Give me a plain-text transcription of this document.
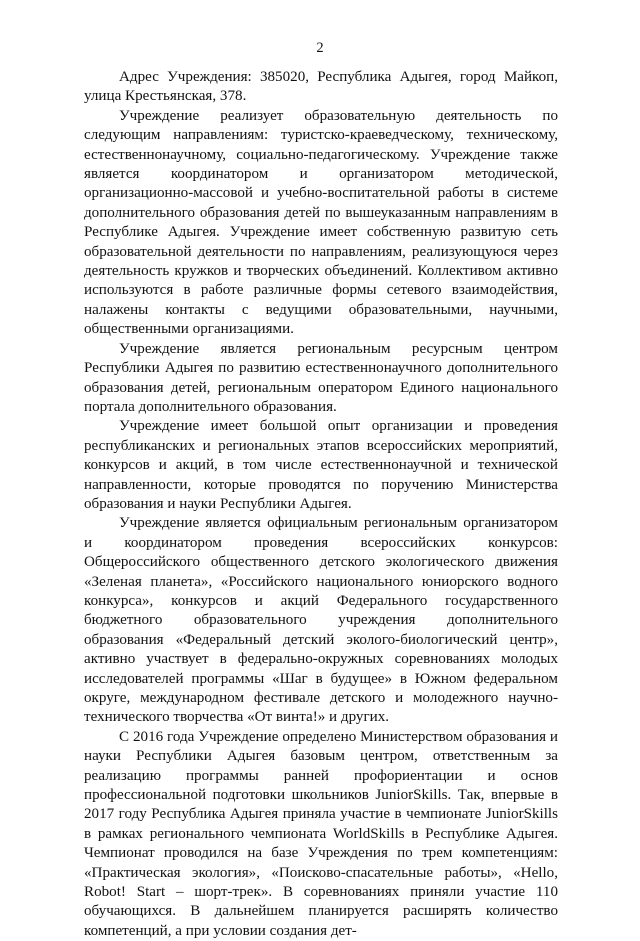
2

Адрес Учреждения: 385020, Республика Адыгея, город Майкоп, улица Крестьянская, 378.

Учреждение реализует образовательную деятельность по следующим направлениям: туристско-краеведческому, техническому, естественнонаучному, социально-педагогическому. Учреждение также является координатором и организатором методической, организационно-массовой и учебно-воспитательной работы в системе дополнительного образования детей по вышеуказанным направлениям в Республике Адыгея. Учреждение имеет собственную развитую сеть образовательной деятельности по направлениям, реализующуюся через деятельность кружков и творческих объединений. Коллективом активно используются в работе различные формы сетевого взаимодействия, налажены контакты с ведущими образовательными, научными, общественными организациями.

Учреждение является региональным ресурсным центром Республики Адыгея по развитию естественнонаучного дополнительного образования детей, региональным оператором Единого национального портала дополнительного образования.

Учреждение имеет большой опыт организации и проведения республиканских и региональных этапов всероссийских мероприятий, конкурсов и акций, в том числе естественнонаучной и технической направленности, которые проводятся по поручению Министерства образования и науки Республики Адыгея.

Учреждение является официальным региональным организатором и координатором проведения всероссийских конкурсов: Общероссийского общественного детского экологического движения «Зеленая планета», «Российского национального юниорского водного конкурса», конкурсов и акций Федерального государственного бюджетного образовательного учреждения дополнительного образования «Федеральный детский эколого-биологический центр», активно участвует в федерально-окружных соревнованиях молодых исследователей программы «Шаг в будущее» в Южном федеральном округе, международном фестивале детского и молодежного научно-технического творчества «От винта!» и других.

С 2016 года Учреждение определено Министерством образования и науки Республики Адыгея базовым центром, ответственным за реализацию программы ранней профориентации и основ профессиональной подготовки школьников JuniorSkills. Так, впервые в 2017 году Республика Адыгея приняла участие в чемпионате JuniorSkills в рамках регионального чемпионата WorldSkills в Республике Адыгея. Чемпионат проводился на базе Учреждения по трем компетенциям: «Практическая экология», «Поисково-спасательные работы», «Hello, Robot! Start – шорт-трек». В соревнованиях приняли участие 110 обучающихся. В дальнейшем планируется расширять количество компетенций, а при условии создания дет-
